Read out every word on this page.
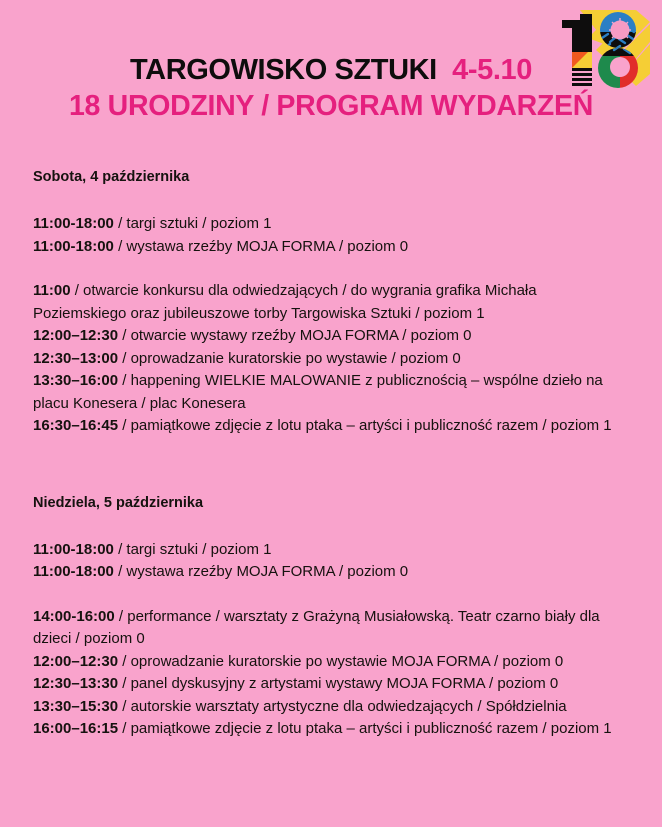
TARGOWISKO SZTUKI 4-5.10
18 URODZINY / PROGRAM WYDARZEŃ
Sobota, 4 października

11:00-18:00 / targi sztuki / poziom 1

11:00-18:00 / wystawa rzeźby MOJA FORMA / poziom 0

11:00 / otwarcie konkursu dla odwiedzających / do wygrania grafika Michała Poziemskiego oraz jubileuszowe torby Targowiska Sztuki / poziom 1

12:00–12:30 / otwarcie wystawy rzeźby MOJA FORMA / poziom 0

12:30–13:00 / oprowadzanie kuratorskie po wystawie / poziom 0

13:30–16:00 / happening WIELKIE MALOWANIE z publicznością – wspólne dzieło na placu Konesera / plac Konesera

16:30–16:45 / pamiątkowe zdjęcie z lotu ptaka – artyści i publiczność razem / poziom 1

Niedziela, 5 października

11:00-18:00 / targi sztuki / poziom 1

11:00-18:00 / wystawa rzeźby MOJA FORMA / poziom 0

14:00-16:00 / performance / warsztaty z Grażyną Musiałowską. Teatr czarno biały dla dzieci / poziom 0

12:00–12:30 / oprowadzanie kuratorskie po wystawie MOJA FORMA / poziom 0

12:30–13:30 / panel dyskusyjny z artystami wystawy MOJA FORMA / poziom 0

13:30–15:30 / autorskie warsztaty artystyczne dla odwiedzających / Spółdzielnia

16:00–16:15 / pamiątkowe zdjęcie z lotu ptaka – artyści i publiczność razem / poziom 1
